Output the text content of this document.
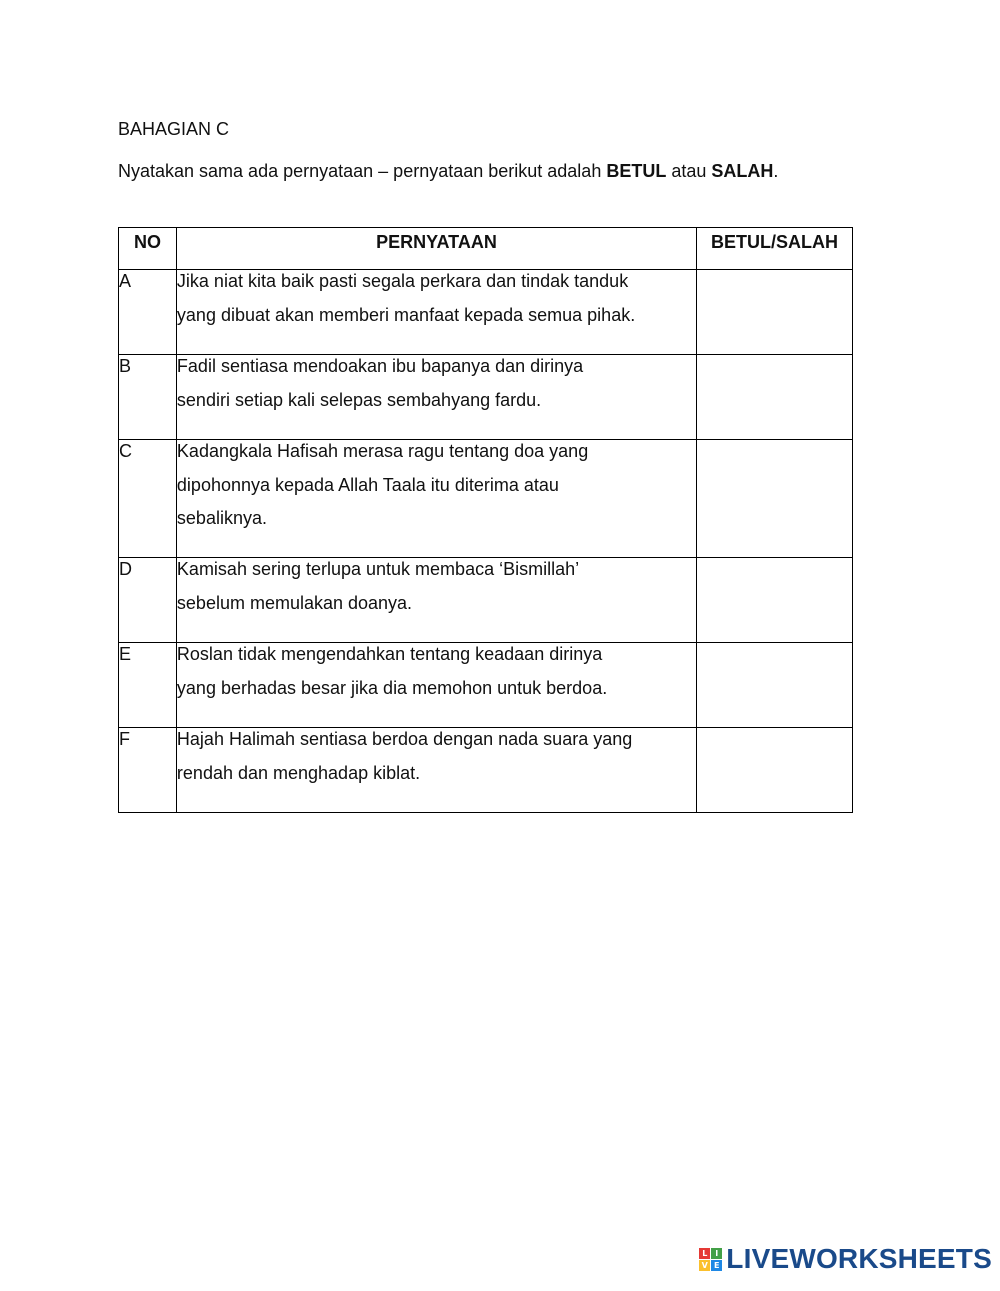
BAHAGIAN C

Nyatakan sama ada pernyataan – pernyataan berikut adalah BETUL atau SALAH.

NO	PERNYATAAN	BETUL/SALAH
A	Jika niat kita baik pasti segala perkara dan tindak tanduk
yang dibuat akan memberi manfaat kepada semua pihak.	

B	Fadil sentiasa mendoakan ibu bapanya dan dirinya
sendiri setiap kali selepas sembahyang fardu.	

C	Kadangkala Hafisah merasa ragu tentang doa yang
dipohonnya kepada Allah Taala itu diterima atau
sebaliknya.	

D	Kamisah sering terlupa untuk membaca ‘Bismillah’
sebelum memulakan doanya.	

E	Roslan tidak mengendahkan tentang keadaan dirinya
yang berhadas besar jika dia memohon untuk berdoa.	

F	Hajah Halimah sentiasa berdoa dengan nada suara yang
rendah dan menghadap kiblat.	

L I
V E LIVEWORKSHEETS
